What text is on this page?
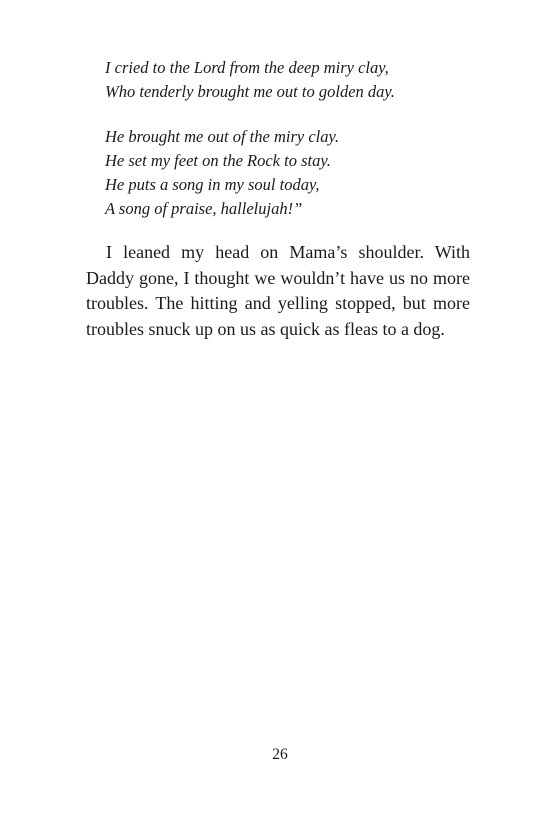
I cried to the Lord from the deep miry clay,
Who tenderly brought me out to golden day.
He brought me out of the miry clay.
He set my feet on the Rock to stay.
He puts a song in my soul today,
A song of praise, hallelujah!”

I leaned my head on Mama’s shoulder. With Daddy gone, I thought we wouldn’t have us no more troubles. The hitting and yelling stopped, but more troubles snuck up on us as quick as fleas to a dog.

26
